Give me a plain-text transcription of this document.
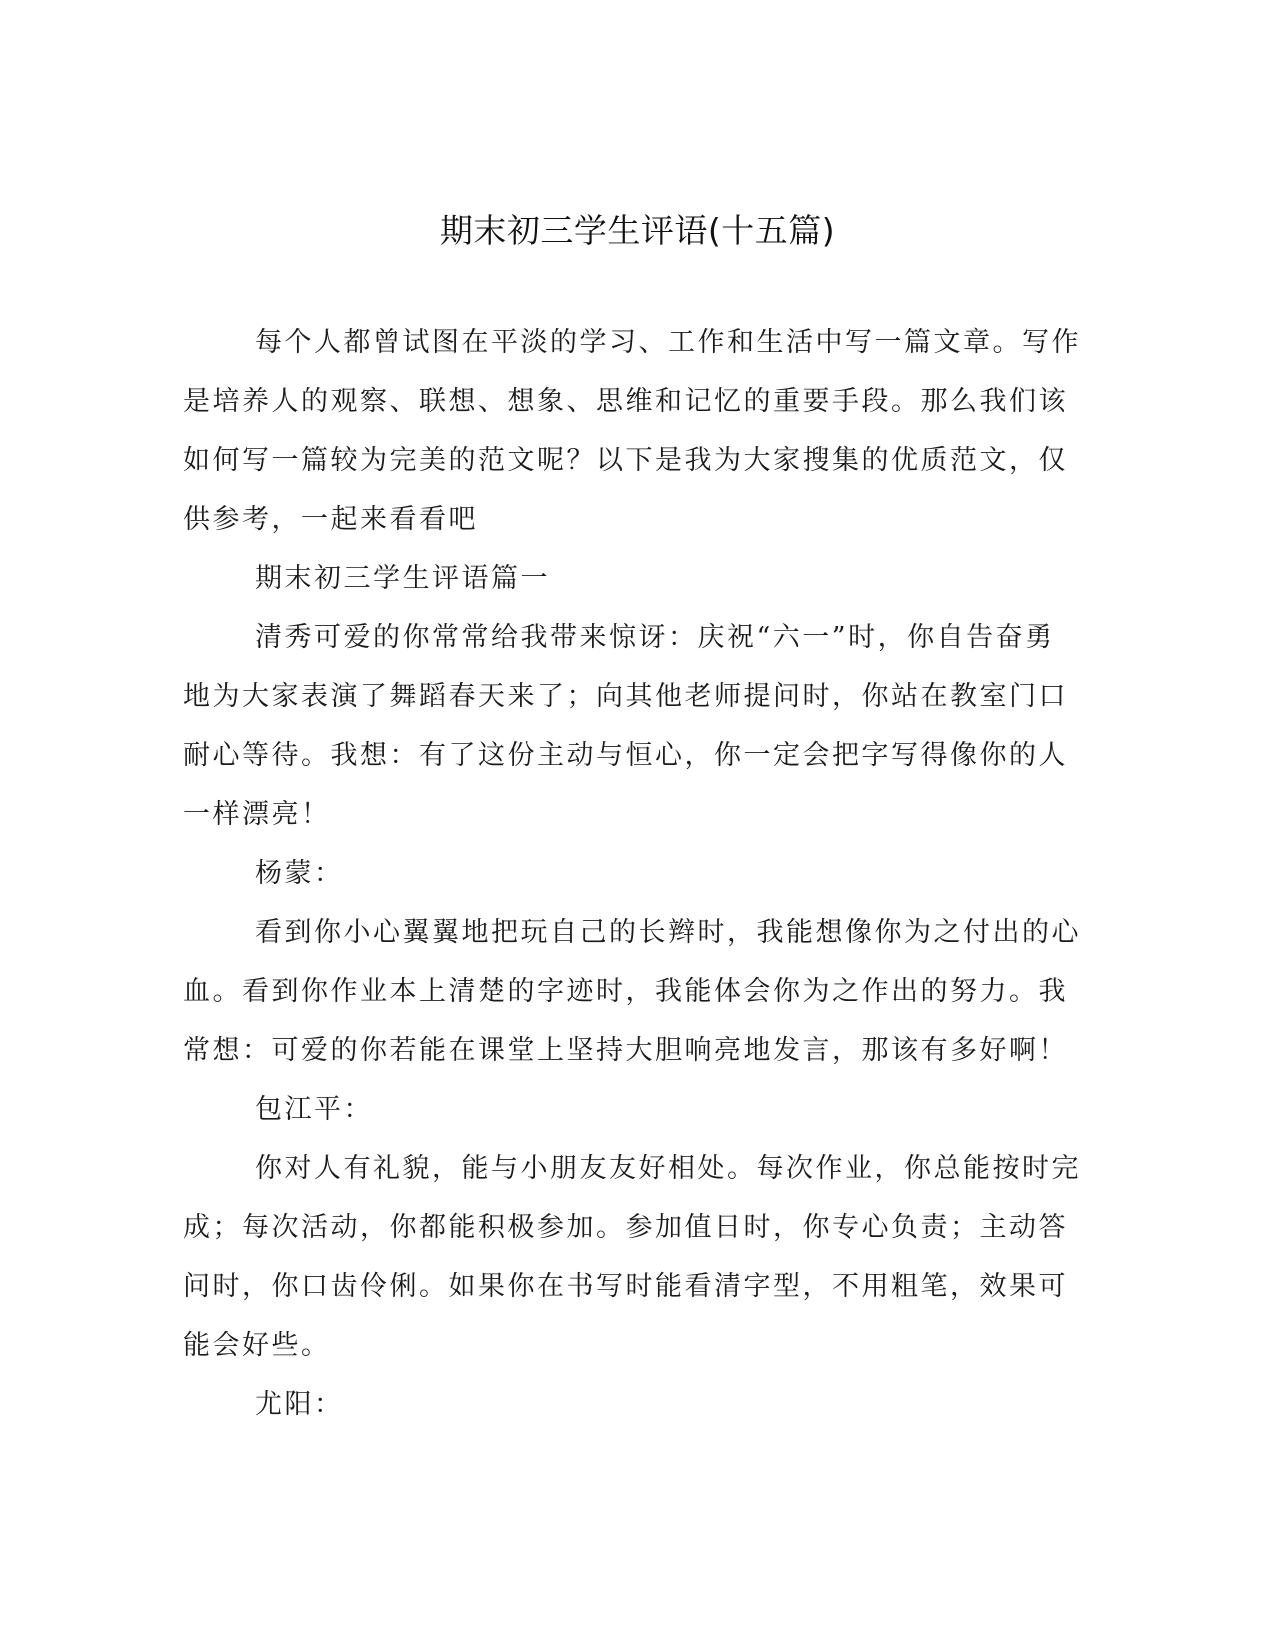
期末初三学生评语(十五篇)

每个人都曾试图在平淡的学习、工作和生活中写一篇文章。写作是培养人的观察、联想、想象、思维和记忆的重要手段。那么我们该如何写一篇较为完美的范文呢？以下是我为大家搜集的优质范文，仅供参考，一起来看看吧

期末初三学生评语篇一

清秀可爱的你常常给我带来惊讶：庆祝“六一”时，你自告奋勇地为大家表演了舞蹈春天来了；向其他老师提问时，你站在教室门口耐心等待。我想：有了这份主动与恒心，你一定会把字写得像你的人一样漂亮！

杨蒙：

看到你小心翼翼地把玩自己的长辫时，我能想像你为之付出的心血。看到你作业本上清楚的字迹时，我能体会你为之作出的努力。我常想：可爱的你若能在课堂上坚持大胆响亮地发言，那该有多好啊！

包江平：

你对人有礼貌，能与小朋友友好相处。每次作业，你总能按时完成；每次活动，你都能积极参加。参加值日时，你专心负责；主动答问时，你口齿伶俐。如果你在书写时能看清字型，不用粗笔，效果可能会好些。

尤阳：
